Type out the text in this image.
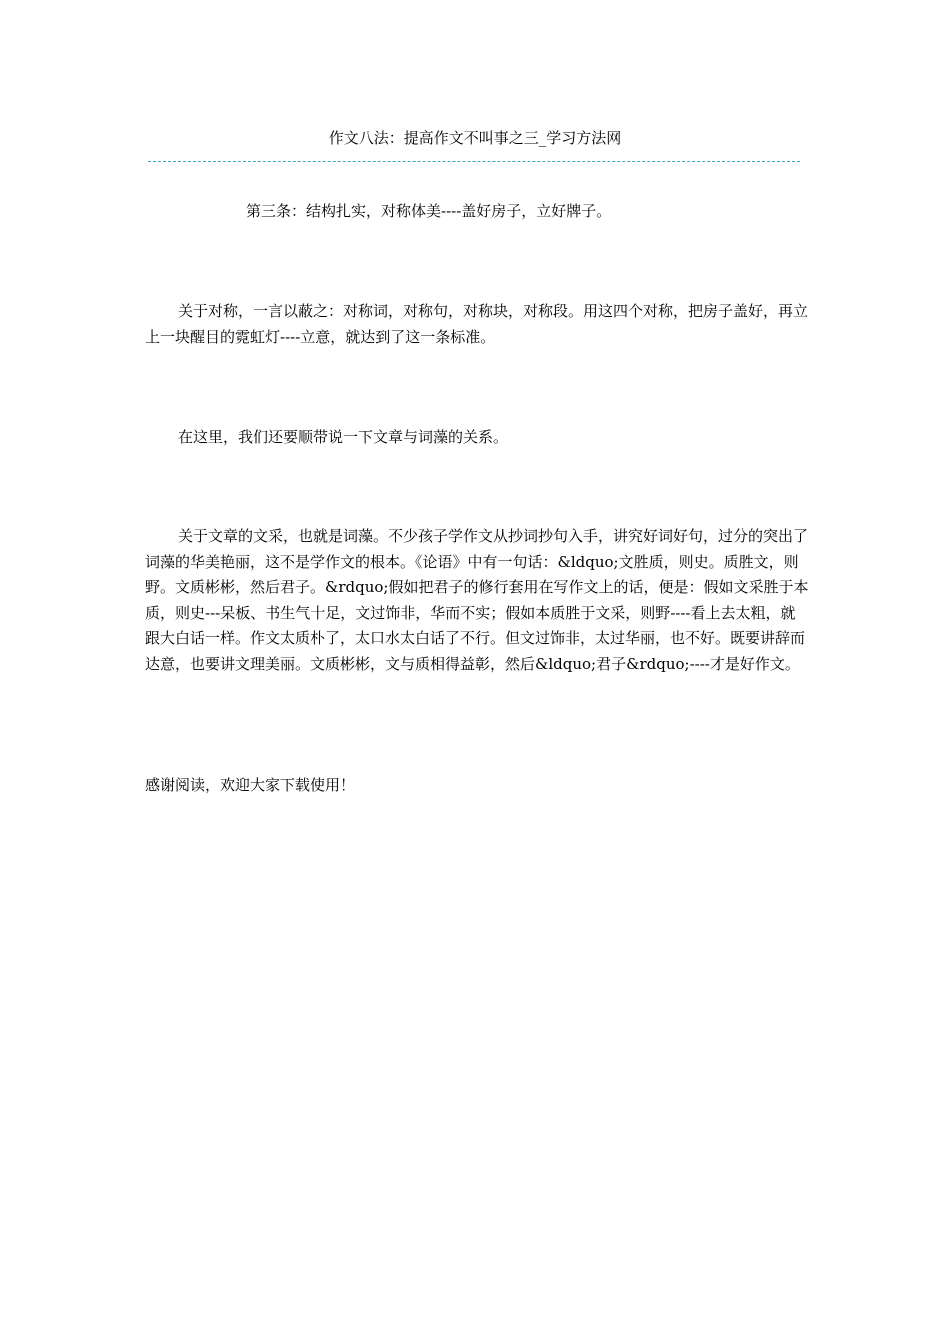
作文八法：提高作文不叫事之三_学习方法网
第三条：结构扎实，对称体美----盖好房子，立好牌子。

关于对称，一言以蔽之：对称词，对称句，对称块，对称段。用这四个对称，把房子盖好，再立上一块醒目的霓虹灯----立意，就达到了这一条标准。

在这里，我们还要顺带说一下文章与词藻的关系。

关于文章的文采，也就是词藻。不少孩子学作文从抄词抄句入手，讲究好词好句，过分的突出了词藻的华美艳丽，这不是学作文的根本。《论语》中有一句话：&ldquo;文胜质，则史。质胜文，则野。文质彬彬，然后君子。&rdquo;假如把君子的修行套用在写作文上的话，便是：假如文采胜于本质，则史---呆板、书生气十足，文过饰非，华而不实；假如本质胜于文采，则野----看上去太粗，就跟大白话一样。作文太质朴了，太口水太白话了不行。但文过饰非，太过华丽，也不好。既要讲辞而达意，也要讲文理美丽。文质彬彬，文与质相得益彰，然后&ldquo;君子&rdquo;----才是好作文。

感谢阅读，欢迎大家下载使用！
